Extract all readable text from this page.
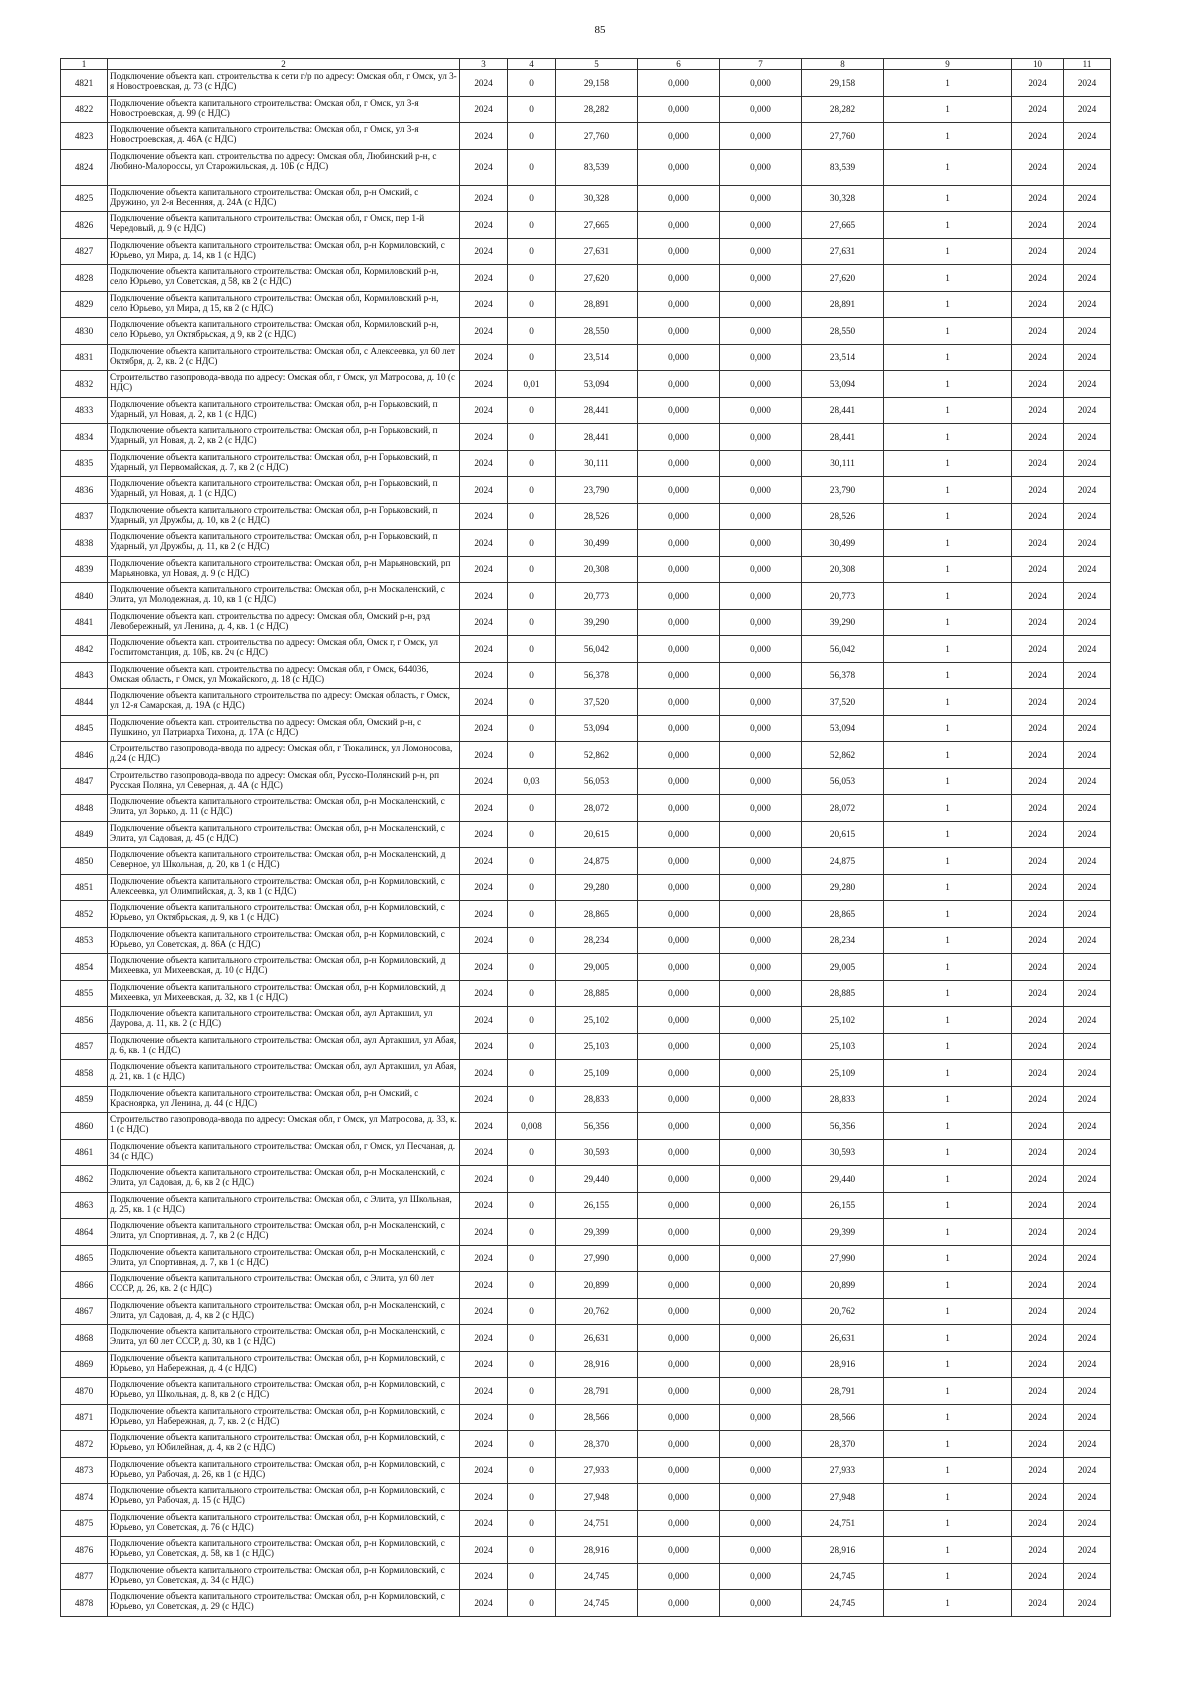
85
1	2	3	4	5	6	7	8	9	10	11
4821	Подключение объекта кап. строительства к сети г/р по адресу: Омская обл, г Омск, ул 3-я Новостроевская, д. 73 (с НДС)	2024	0	29,158	0,000	0,000	29,158	1	2024	2024
4822	Подключение объекта капитального строительства: Омская обл, г Омск, ул 3-я Новостроевская, д. 99 (с НДС)	2024	0	28,282	0,000	0,000	28,282	1	2024	2024
4823	Подключение объекта капитального строительства: Омская обл, г Омск, ул 3-я Новостроевская, д. 46А (с НДС)	2024	0	27,760	0,000	0,000	27,760	1	2024	2024
4824	Подключение объекта кап. строительства по адресу: Омская обл, Любинский р-н, с Любино-Малороссы, ул Старожильская, д. 10Б (с НДС)	2024	0	83,539	0,000	0,000	83,539	1	2024	2024
4825	Подключение объекта капитального строительства: Омская обл, р-н Омский, с Дружино, ул 2-я Весенняя, д. 24А (с НДС)	2024	0	30,328	0,000	0,000	30,328	1	2024	2024
4826	Подключение объекта капитального строительства: Омская обл, г Омск, пер 1-й Чередовый, д. 9 (с НДС)	2024	0	27,665	0,000	0,000	27,665	1	2024	2024
4827	Подключение объекта капитального строительства: Омская обл, р-н Кормиловский, с Юрьево, ул Мира, д. 14, кв 1 (с НДС)	2024	0	27,631	0,000	0,000	27,631	1	2024	2024
4828	Подключение объекта капитального строительства: Омская обл, Кормиловский р-н, село Юрьево, ул Советская, д 58, кв 2 (с НДС)	2024	0	27,620	0,000	0,000	27,620	1	2024	2024
4829	Подключение объекта капитального строительства: Омская обл, Кормиловский р-н, село Юрьево, ул Мира, д 15, кв 2 (с НДС)	2024	0	28,891	0,000	0,000	28,891	1	2024	2024
4830	Подключение объекта капитального строительства: Омская обл, Кормиловский р-н, село Юрьево, ул Октябрьская, д 9, кв 2 (с НДС)	2024	0	28,550	0,000	0,000	28,550	1	2024	2024
4831	Подключение объекта капитального строительства: Омская обл, с Алексеевка, ул 60 лет Октября, д. 2, кв. 2 (с НДС)	2024	0	23,514	0,000	0,000	23,514	1	2024	2024
4832	Строительство газопровода-ввода по адресу: Омская обл, г Омск, ул Матросова, д. 10 (с НДС)	2024	0,01	53,094	0,000	0,000	53,094	1	2024	2024
4833	Подключение объекта капитального строительства: Омская обл, р-н Горьковский, п Ударный, ул Новая, д. 2, кв 1 (с НДС)	2024	0	28,441	0,000	0,000	28,441	1	2024	2024
4834	Подключение объекта капитального строительства: Омская обл, р-н Горьковский, п Ударный, ул Новая, д. 2, кв 2 (с НДС)	2024	0	28,441	0,000	0,000	28,441	1	2024	2024
4835	Подключение объекта капитального строительства: Омская обл, р-н Горьковский, п Ударный, ул Первомайская, д. 7, кв 2 (с НДС)	2024	0	30,111	0,000	0,000	30,111	1	2024	2024
4836	Подключение объекта капитального строительства: Омская обл, р-н Горьковский, п Ударный, ул Новая, д. 1 (с НДС)	2024	0	23,790	0,000	0,000	23,790	1	2024	2024
4837	Подключение объекта капитального строительства: Омская обл, р-н Горьковский, п Ударный, ул Дружбы, д. 10, кв 2 (с НДС)	2024	0	28,526	0,000	0,000	28,526	1	2024	2024
4838	Подключение объекта капитального строительства: Омская обл, р-н Горьковский, п Ударный, ул Дружбы, д. 11, кв 2 (с НДС)	2024	0	30,499	0,000	0,000	30,499	1	2024	2024
4839	Подключение объекта капитального строительства: Омская обл, р-н Марьяновский, рп Марьяновка, ул Новая, д. 9 (с НДС)	2024	0	20,308	0,000	0,000	20,308	1	2024	2024
4840	Подключение объекта капитального строительства: Омская обл, р-н Москаленский, с Элита, ул Молодежная, д. 10, кв 1 (с НДС)	2024	0	20,773	0,000	0,000	20,773	1	2024	2024
4841	Подключение объекта кап. строительства по адресу: Омская обл, Омский р-н, рзд Левобережный, ул Ленина, д. 4, кв. 1 (с НДС)	2024	0	39,290	0,000	0,000	39,290	1	2024	2024
4842	Подключение объекта кап. строительства по адресу: Омская обл, Омск г, г Омск, ул Госпитомстанция, д. 10Б, кв. 2ч (с НДС)	2024	0	56,042	0,000	0,000	56,042	1	2024	2024
4843	Подключение объекта кап. строительства по адресу: Омская обл, г Омск, 644036, Омская область, г Омск, ул Можайского, д. 18 (с НДС)	2024	0	56,378	0,000	0,000	56,378	1	2024	2024
4844	Подключение объекта капитального строительства по адресу: Омская область, г Омск, ул 12-я Самарская, д. 19А (с НДС)	2024	0	37,520	0,000	0,000	37,520	1	2024	2024
4845	Подключение объекта кап. строительства по адресу: Омская обл, Омский р-н, с Пушкино, ул Патриарха Тихона, д. 17А (с НДС)	2024	0	53,094	0,000	0,000	53,094	1	2024	2024
4846	Строительство газопровода-ввода по адресу: Омская обл, г Тюкалинск, ул Ломоносова, д.24 (с НДС)	2024	0	52,862	0,000	0,000	52,862	1	2024	2024
4847	Строительство газопровода-ввода по адресу: Омская обл, Русско-Полянский р-н, рп Русская Поляна, ул Северная, д. 4А (с НДС)	2024	0,03	56,053	0,000	0,000	56,053	1	2024	2024
4848	Подключение объекта капитального строительства: Омская обл, р-н Москаленский, с Элита, ул Зорько, д. 11 (с НДС)	2024	0	28,072	0,000	0,000	28,072	1	2024	2024
4849	Подключение объекта капитального строительства: Омская обл, р-н Москаленский, с Элита, ул Садовая, д. 45 (с НДС)	2024	0	20,615	0,000	0,000	20,615	1	2024	2024
4850	Подключение объекта капитального строительства: Омская обл, р-н Москаленский, д Северное, ул Школьная, д. 20, кв 1 (с НДС)	2024	0	24,875	0,000	0,000	24,875	1	2024	2024
4851	Подключение объекта капитального строительства: Омская обл, р-н Кормиловский, с Алексеевка, ул Олимпийская, д. 3, кв 1 (с НДС)	2024	0	29,280	0,000	0,000	29,280	1	2024	2024
4852	Подключение объекта капитального строительства: Омская обл, р-н Кормиловский, с Юрьево, ул Октябрьская, д. 9, кв 1 (с НДС)	2024	0	28,865	0,000	0,000	28,865	1	2024	2024
4853	Подключение объекта капитального строительства: Омская обл, р-н Кормиловский, с Юрьево, ул Советская, д. 86А (с НДС)	2024	0	28,234	0,000	0,000	28,234	1	2024	2024
4854	Подключение объекта капитального строительства: Омская обл, р-н Кормиловский, д Михеевка, ул Михеевская, д. 10 (с НДС)	2024	0	29,005	0,000	0,000	29,005	1	2024	2024
4855	Подключение объекта капитального строительства: Омская обл, р-н Кормиловский, д Михеевка, ул Михеевская, д. 32, кв 1 (с НДС)	2024	0	28,885	0,000	0,000	28,885	1	2024	2024
4856	Подключение объекта капитального строительства: Омская обл, аул Артакшил, ул Даурова, д. 11, кв. 2 (с НДС)	2024	0	25,102	0,000	0,000	25,102	1	2024	2024
4857	Подключение объекта капитального строительства: Омская обл, аул Артакшил, ул Абая, д. 6, кв. 1 (с НДС)	2024	0	25,103	0,000	0,000	25,103	1	2024	2024
4858	Подключение объекта капитального строительства: Омская обл, аул Артакшил, ул Абая, д. 21, кв. 1 (с НДС)	2024	0	25,109	0,000	0,000	25,109	1	2024	2024
4859	Подключение объекта капитального строительства: Омская обл, р-н Омский, с Красноярка, ул Ленина, д. 44 (с НДС)	2024	0	28,833	0,000	0,000	28,833	1	2024	2024
4860	Строительство газопровода-ввода по адресу: Омская обл, г Омск, ул Матросова, д. 33, к. 1 (с НДС)	2024	0,008	56,356	0,000	0,000	56,356	1	2024	2024
4861	Подключение объекта капитального строительства: Омская обл, г Омск, ул Песчаная, д. 34 (с НДС)	2024	0	30,593	0,000	0,000	30,593	1	2024	2024
4862	Подключение объекта капитального строительства: Омская обл, р-н Москаленский, с Элита, ул Садовая, д. 6, кв 2 (с НДС)	2024	0	29,440	0,000	0,000	29,440	1	2024	2024
4863	Подключение объекта капитального строительства: Омская обл, с Элита, ул Школьная, д. 25, кв. 1 (с НДС)	2024	0	26,155	0,000	0,000	26,155	1	2024	2024
4864	Подключение объекта капитального строительства: Омская обл, р-н Москаленский, с Элита, ул Спортивная, д. 7, кв 2 (с НДС)	2024	0	29,399	0,000	0,000	29,399	1	2024	2024
4865	Подключение объекта капитального строительства: Омская обл, р-н Москаленский, с Элита, ул Спортивная, д. 7, кв 1 (с НДС)	2024	0	27,990	0,000	0,000	27,990	1	2024	2024
4866	Подключение объекта капитального строительства: Омская обл, с Элита, ул 60 лет СССР, д. 26, кв. 2 (с НДС)	2024	0	20,899	0,000	0,000	20,899	1	2024	2024
4867	Подключение объекта капитального строительства: Омская обл, р-н Москаленский, с Элита, ул Садовая, д. 4, кв 2 (с НДС)	2024	0	20,762	0,000	0,000	20,762	1	2024	2024
4868	Подключение объекта капитального строительства: Омская обл, р-н Москаленский, с Элита, ул 60 лет СССР, д. 30, кв 1 (с НДС)	2024	0	26,631	0,000	0,000	26,631	1	2024	2024
4869	Подключение объекта капитального строительства: Омская обл, р-н Кормиловский, с Юрьево, ул Набережная, д. 4 (с НДС)	2024	0	28,916	0,000	0,000	28,916	1	2024	2024
4870	Подключение объекта капитального строительства: Омская обл, р-н Кормиловский, с Юрьево, ул Школьная, д. 8, кв 2 (с НДС)	2024	0	28,791	0,000	0,000	28,791	1	2024	2024
4871	Подключение объекта капитального строительства: Омская обл, р-н Кормиловский, с Юрьево, ул Набережная, д. 7, кв. 2 (с НДС)	2024	0	28,566	0,000	0,000	28,566	1	2024	2024
4872	Подключение объекта капитального строительства: Омская обл, р-н Кормиловский, с Юрьево, ул Юбилейная, д. 4, кв 2 (с НДС)	2024	0	28,370	0,000	0,000	28,370	1	2024	2024
4873	Подключение объекта капитального строительства: Омская обл, р-н Кормиловский, с Юрьево, ул Рабочая, д. 26, кв 1 (с НДС)	2024	0	27,933	0,000	0,000	27,933	1	2024	2024
4874	Подключение объекта капитального строительства: Омская обл, р-н Кормиловский, с Юрьево, ул Рабочая, д. 15 (с НДС)	2024	0	27,948	0,000	0,000	27,948	1	2024	2024
4875	Подключение объекта капитального строительства: Омская обл, р-н Кормиловский, с Юрьево, ул Советская, д. 76 (с НДС)	2024	0	24,751	0,000	0,000	24,751	1	2024	2024
4876	Подключение объекта капитального строительства: Омская обл, р-н Кормиловский, с Юрьево, ул Советская, д. 58, кв 1 (с НДС)	2024	0	28,916	0,000	0,000	28,916	1	2024	2024
4877	Подключение объекта капитального строительства: Омская обл, р-н Кормиловский, с Юрьево, ул Советская, д. 34 (с НДС)	2024	0	24,745	0,000	0,000	24,745	1	2024	2024
4878	Подключение объекта капитального строительства: Омская обл, р-н Кормиловский, с Юрьево, ул Советская, д. 29 (с НДС)	2024	0	24,745	0,000	0,000	24,745	1	2024	2024
